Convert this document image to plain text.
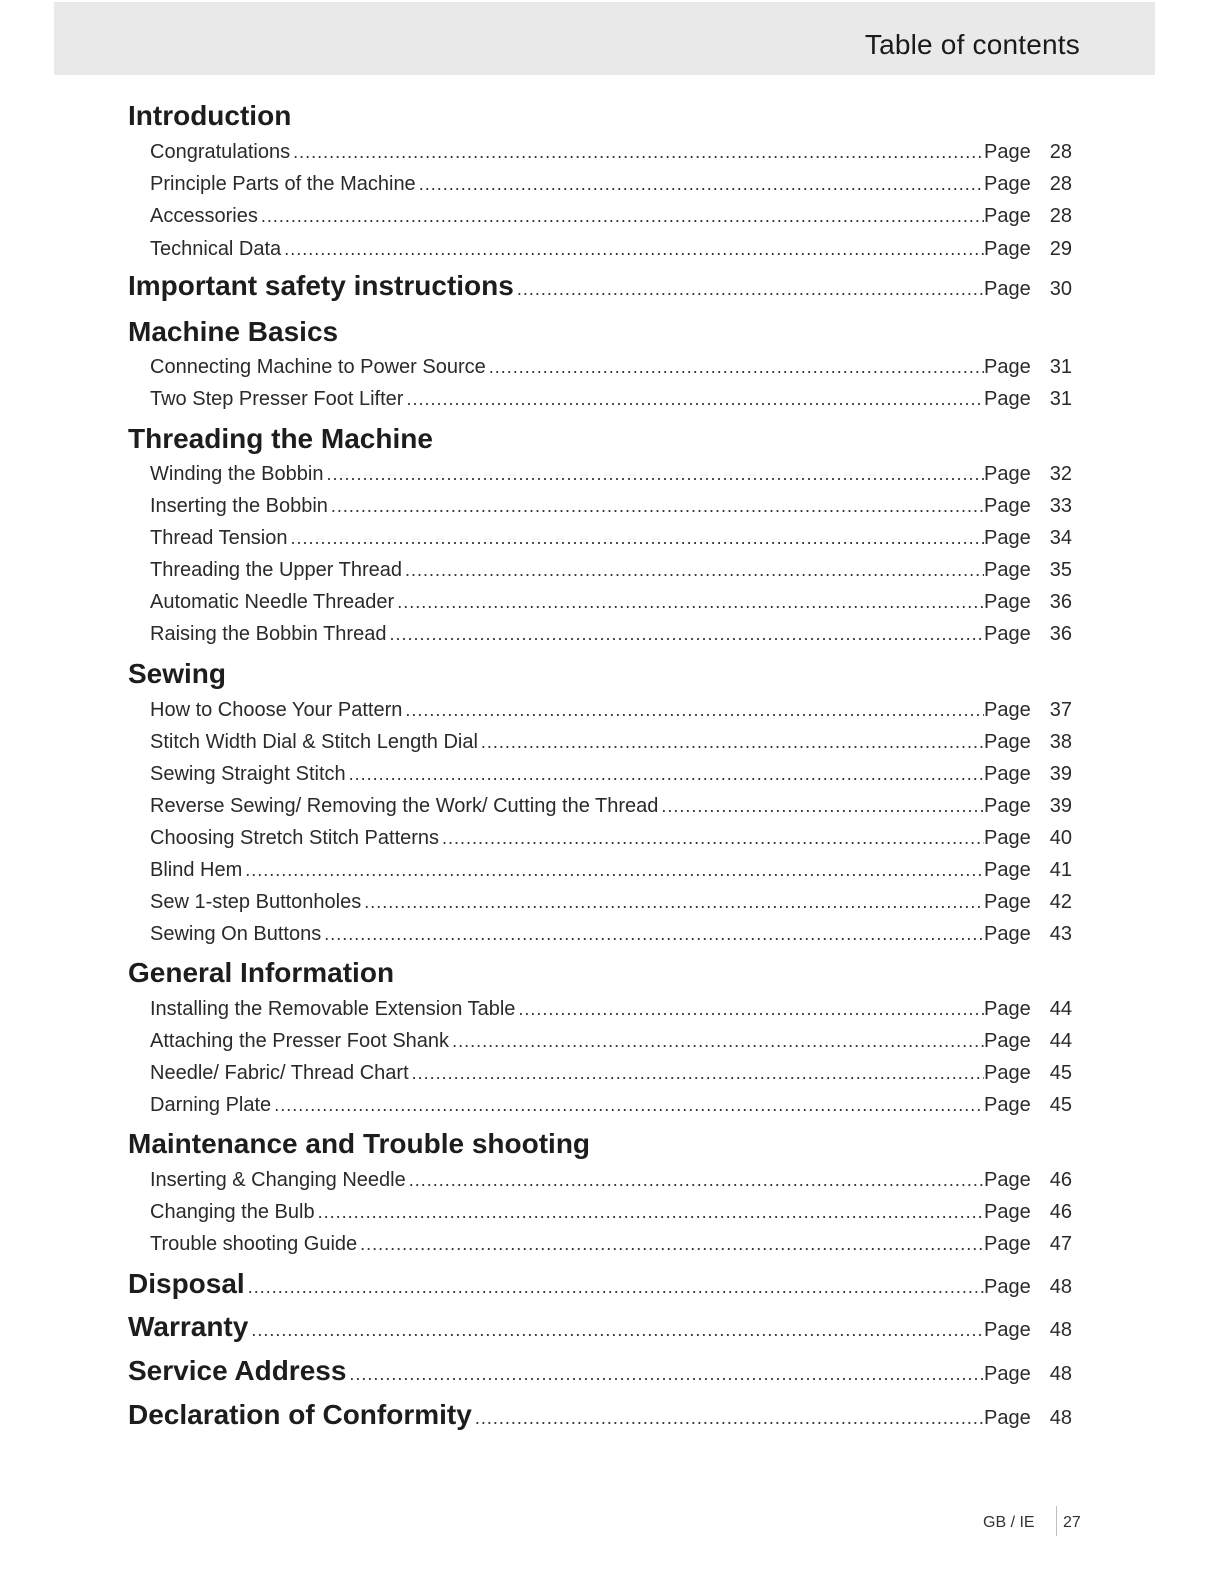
Table of contents
Introduction
Congratulations .....	Page 28
Principle Parts of the Machine .....	Page 28
Accessories .....	Page 28
Technical Data .....	Page 29
Important safety instructions .....	Page 30
Machine Basics
Connecting Machine to Power Source .....	Page 31
Two Step Presser Foot Lifter .....	Page 31
Threading the Machine
Winding the Bobbin .....	Page 32
Inserting the Bobbin .....	Page 33
Thread Tension .....	Page 34
Threading the Upper Thread .....	Page 35
Automatic Needle Threader .....	Page 36
Raising the Bobbin Thread .....	Page 36
Sewing
How to Choose Your Pattern .....	Page 37
Stitch Width Dial & Stitch Length Dial .....	Page 38
Sewing Straight Stitch .....	Page 39
Reverse Sewing/ Removing the Work/ Cutting the Thread .....	Page 39
Choosing Stretch Stitch Patterns .....	Page 40
Blind Hem .....	Page 41
Sew 1-step Buttonholes .....	Page 42
Sewing On Buttons .....	Page 43
General Information
Installing the Removable Extension Table .....	Page 44
Attaching the Presser Foot Shank .....	Page 44
Needle/ Fabric/ Thread Chart .....	Page 45
Darning Plate .....	Page 45
Maintenance and Trouble shooting
Inserting & Changing Needle .....	Page 46
Changing the Bulb .....	Page 46
Trouble shooting Guide .....	Page 47
Disposal .....	Page 48
Warranty .....	Page 48
Service Address .....	Page 48
Declaration of Conformity .....	Page 48
GB / IE 27
